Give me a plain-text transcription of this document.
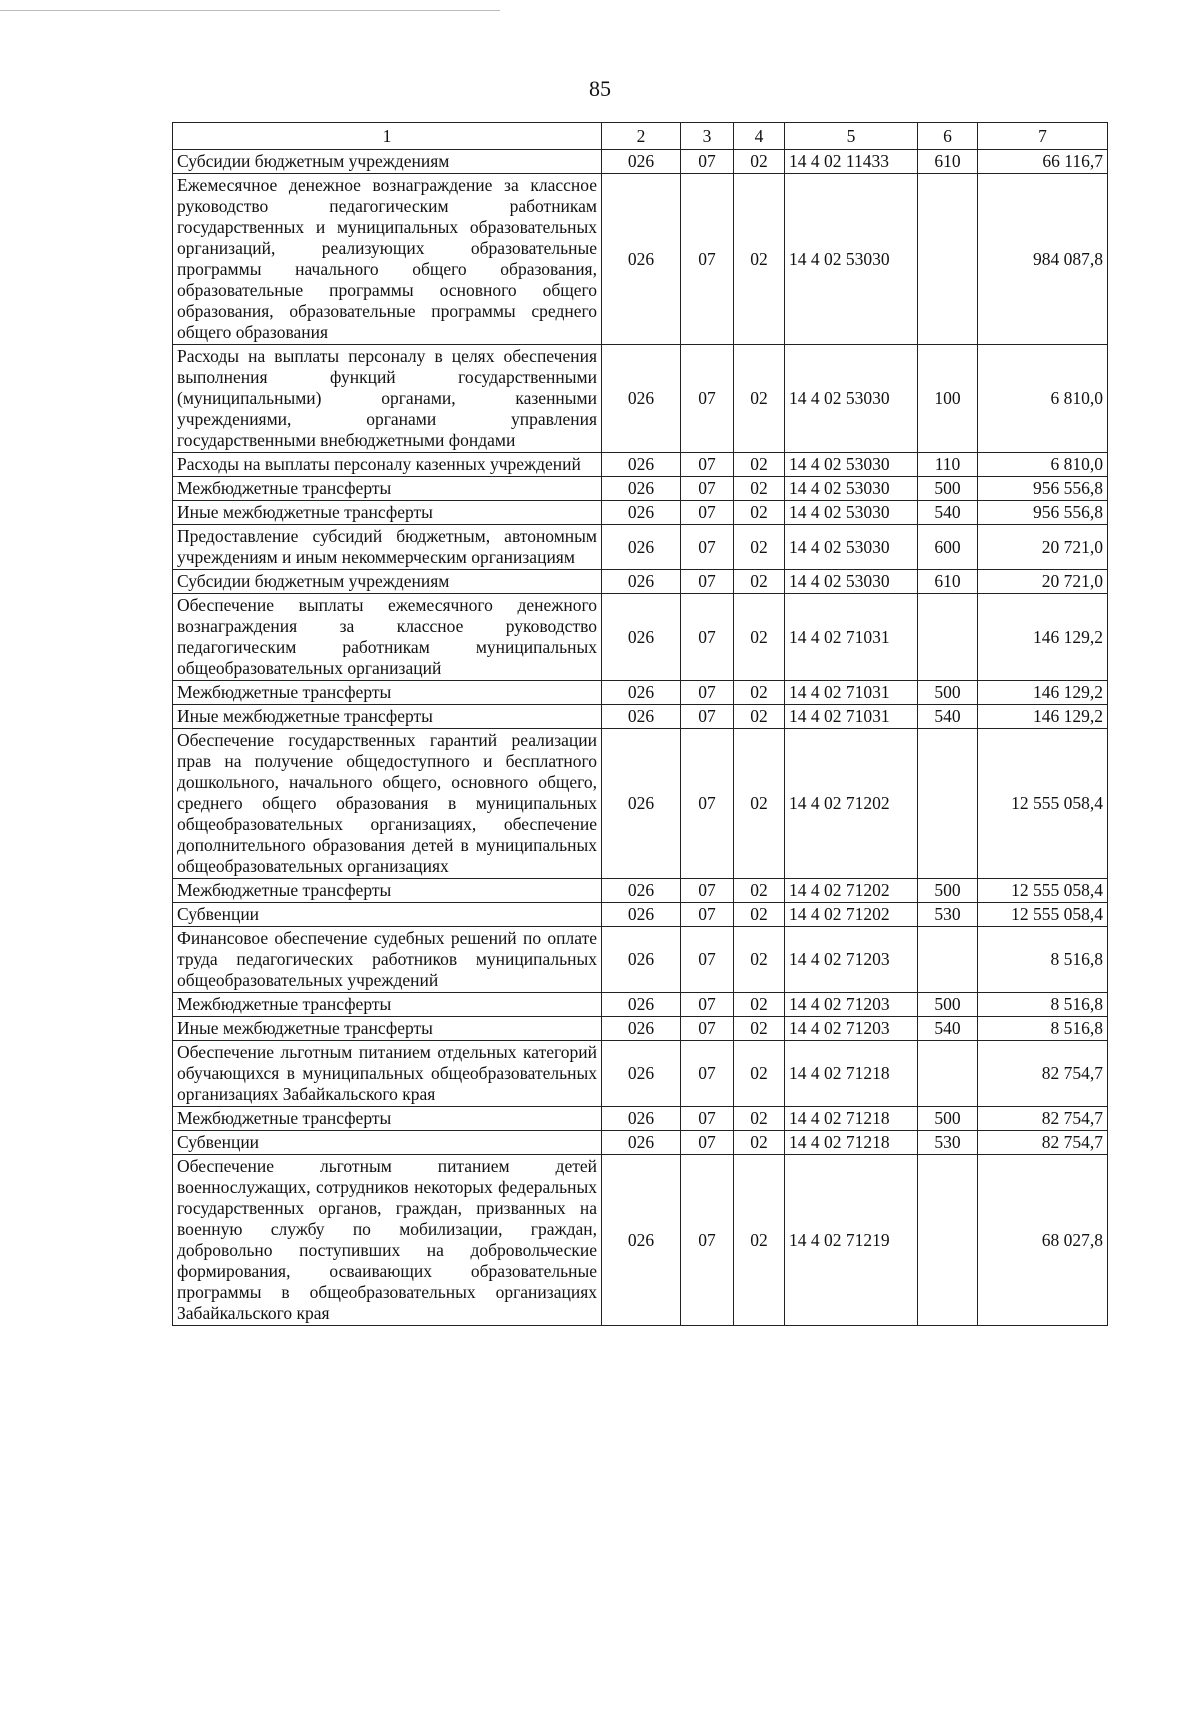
85
1	2	3	4	5	6	7
Субсидии бюджетным учреждениям	026	07	02	14 4 02 11433	610	66 116,7
Ежемесячное денежное вознаграждение за классное руководство педагогическим работникам государственных и муниципальных образовательных организаций, реализующих образовательные программы начального общего образования, образовательные программы основного общего образования, образовательные программы среднего общего образования	026	07	02	14 4 02 53030		984 087,8
Расходы на выплаты персоналу в целях обеспечения выполнения функций государственными (муниципальными) органами, казенными учреждениями, органами управления государственными внебюджетными фондами	026	07	02	14 4 02 53030	100	6 810,0
Расходы на выплаты персоналу казенных учреждений	026	07	02	14 4 02 53030	110	6 810,0
Межбюджетные трансферты	026	07	02	14 4 02 53030	500	956 556,8
Иные межбюджетные трансферты	026	07	02	14 4 02 53030	540	956 556,8
Предоставление субсидий бюджетным, автономным учреждениям и иным некоммерческим организациям	026	07	02	14 4 02 53030	600	20 721,0
Субсидии бюджетным учреждениям	026	07	02	14 4 02 53030	610	20 721,0
Обеспечение выплаты ежемесячного денежного вознаграждения за классное руководство педагогическим работникам муниципальных общеобразовательных организаций	026	07	02	14 4 02 71031		146 129,2
Межбюджетные трансферты	026	07	02	14 4 02 71031	500	146 129,2
Иные межбюджетные трансферты	026	07	02	14 4 02 71031	540	146 129,2
Обеспечение государственных гарантий реализации прав на получение общедоступного и бесплатного дошкольного, начального общего, основного общего, среднего общего образования в муниципальных общеобразовательных организациях, обеспечение дополнительного образования детей в муниципальных общеобразовательных организациях	026	07	02	14 4 02 71202		12 555 058,4
Межбюджетные трансферты	026	07	02	14 4 02 71202	500	12 555 058,4
Субвенции	026	07	02	14 4 02 71202	530	12 555 058,4
Финансовое обеспечение судебных решений по оплате труда педагогических работников муниципальных общеобразовательных учреждений	026	07	02	14 4 02 71203		8 516,8
Межбюджетные трансферты	026	07	02	14 4 02 71203	500	8 516,8
Иные межбюджетные трансферты	026	07	02	14 4 02 71203	540	8 516,8
Обеспечение льготным питанием отдельных категорий обучающихся в муниципальных общеобразовательных организациях Забайкальского края	026	07	02	14 4 02 71218		82 754,7
Межбюджетные трансферты	026	07	02	14 4 02 71218	500	82 754,7
Субвенции	026	07	02	14 4 02 71218	530	82 754,7
Обеспечение льготным питанием детей военнослужащих, сотрудников некоторых федеральных государственных органов, граждан, призванных на военную службу по мобилизации, граждан, добровольно поступивших на добровольческие формирования, осваивающих образовательные программы в общеобразовательных организациях Забайкальского края	026	07	02	14 4 02 71219		68 027,8
